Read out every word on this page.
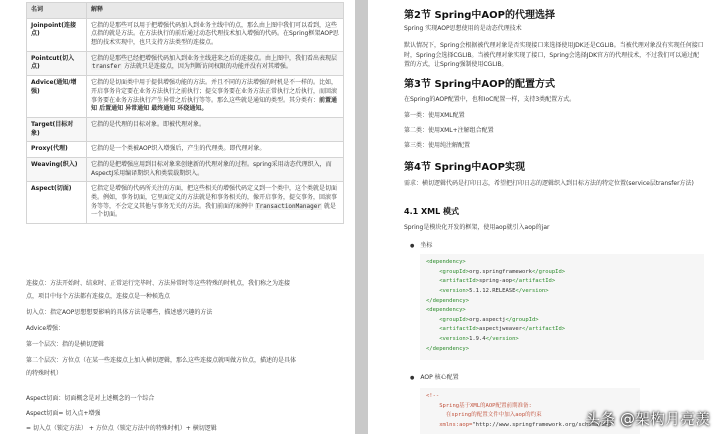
名词	解释
Joinpoint(连接点)	它指的是那些可以用于把增强代码加入到业务主线中的点，那么由上图中我们可以看到，这些点指的就是方法。在方法执行的前后通过动态代理技术加入增强的代码。在Spring框架AOP思想的技术实现中，也只支持方法类型的连接点。
Pointcut(切入点)	它指的是那些已经把增强代码加入到业务主线进来之后的连接点。由上图中，我们看出表现层 transfer 方法就只是连接点，因为判断访问权限的功能并没有对其增强。
Advice(通知/增强)	它指的是切面类中用于提供增强功能的方法。并且不同的方法增强的时机是不一样的。比如，开启事务肯定要在业务方法执行之前执行；提交事务要在业务方法正常执行之后执行，而回滚事务要在业务方法执行产生异常之后执行等等。那么这些就是通知的类型。其分类有：前置通知 后置通知 异常通知 最终通知 环绕通知。
Target(目标对象)	它指的是代理的目标对象。即被代理对象。
Proxy(代理)	它指的是一个类被AOP织入增强后，产生的代理类。即代理对象。
Weaving(织入)	它指的是把增强应用到目标对象来创建新的代理对象的过程。spring采用动态代理织入，而AspectJ采用编译期织入和类装载期织入。
Aspect(切面)	它指定是增强的代码所关注的方面，把这些相关的增强代码定义到一个类中，这个类就是切面类。例如，事务切面，它里面定义的方法就是和事务相关的，像开启事务，提交事务，回滚事务等等，不会定义其他与事务无关的方法。我们前面的案例中 TransactionManager 就是一个切面。

连接点：方法开始时、结束时、正常运行完毕时、方法异常时等这些特殊的时机点，我们称之为连接

点，项目中每个方法都有连接点，连接点是一种候选点

切入点：指定AOP思想想要影响的具体方法是哪些，描述感兴趣的方法

Advice增强：

第一个层次：指的是横切逻辑

第二个层次：方位点（在某一些连接点上加入横切逻辑，那么这些连接点就叫做方位点，描述的是具体

的特殊时机）

Aspect切面：切面概念是对上述概念的一个综合

Aspect切面= 切入点+增强

= 切入点（锁定方法） + 方位点（锁定方法中的特殊时机）+ 横切逻辑

第2节 Spring中AOP的代理选择

Spring 实现AOP思想使用的是动态代理技术

默认情况下，Spring会根据被代理对象是否实现接口来选择使用JDK还是CGLIB。当被代理对象没有实现任何接口时，Spring会选择CGLIB。当被代理对象实现了接口，Spring会选择JDK官方的代理技术，不过我们可以通过配置的方式，让Spring强制使用CGLIB。

第3节 Spring中AOP的配置方式

在Spring的AOP配置中，也和IoC配置一样，支持3类配置方式。

第一类：使用XML配置

第二类：使用XML+注解组合配置

第三类：使用纯注解配置

第4节 Spring中AOP实现

需求：横切逻辑代码是打印日志，希望把打印日志的逻辑织入到目标方法的特定位置(service层transfer方法)

4.1 XML 模式

Spring是模块化开发的框架，使用aop就引入aop的jar

● 坐标
<dependency>
<groupId>org.springframework</groupId>
<artifactId>spring-aop</artifactId>
<version>5.1.12.RELEASE</version>
</dependency>
<dependency>
<groupId>org.aspectj</groupId>
<artifactId>aspectjweaver</artifactId>
<version>1.9.4</version>
</dependency>
● AOP 核心配置
<!--
Spring基于XML的AOP配置前期准备:
在spring的配置文件中加入aop的约束
xmlns:aop="http://www.springframework.org/schema/aop"
头条 @架构月亮羡
